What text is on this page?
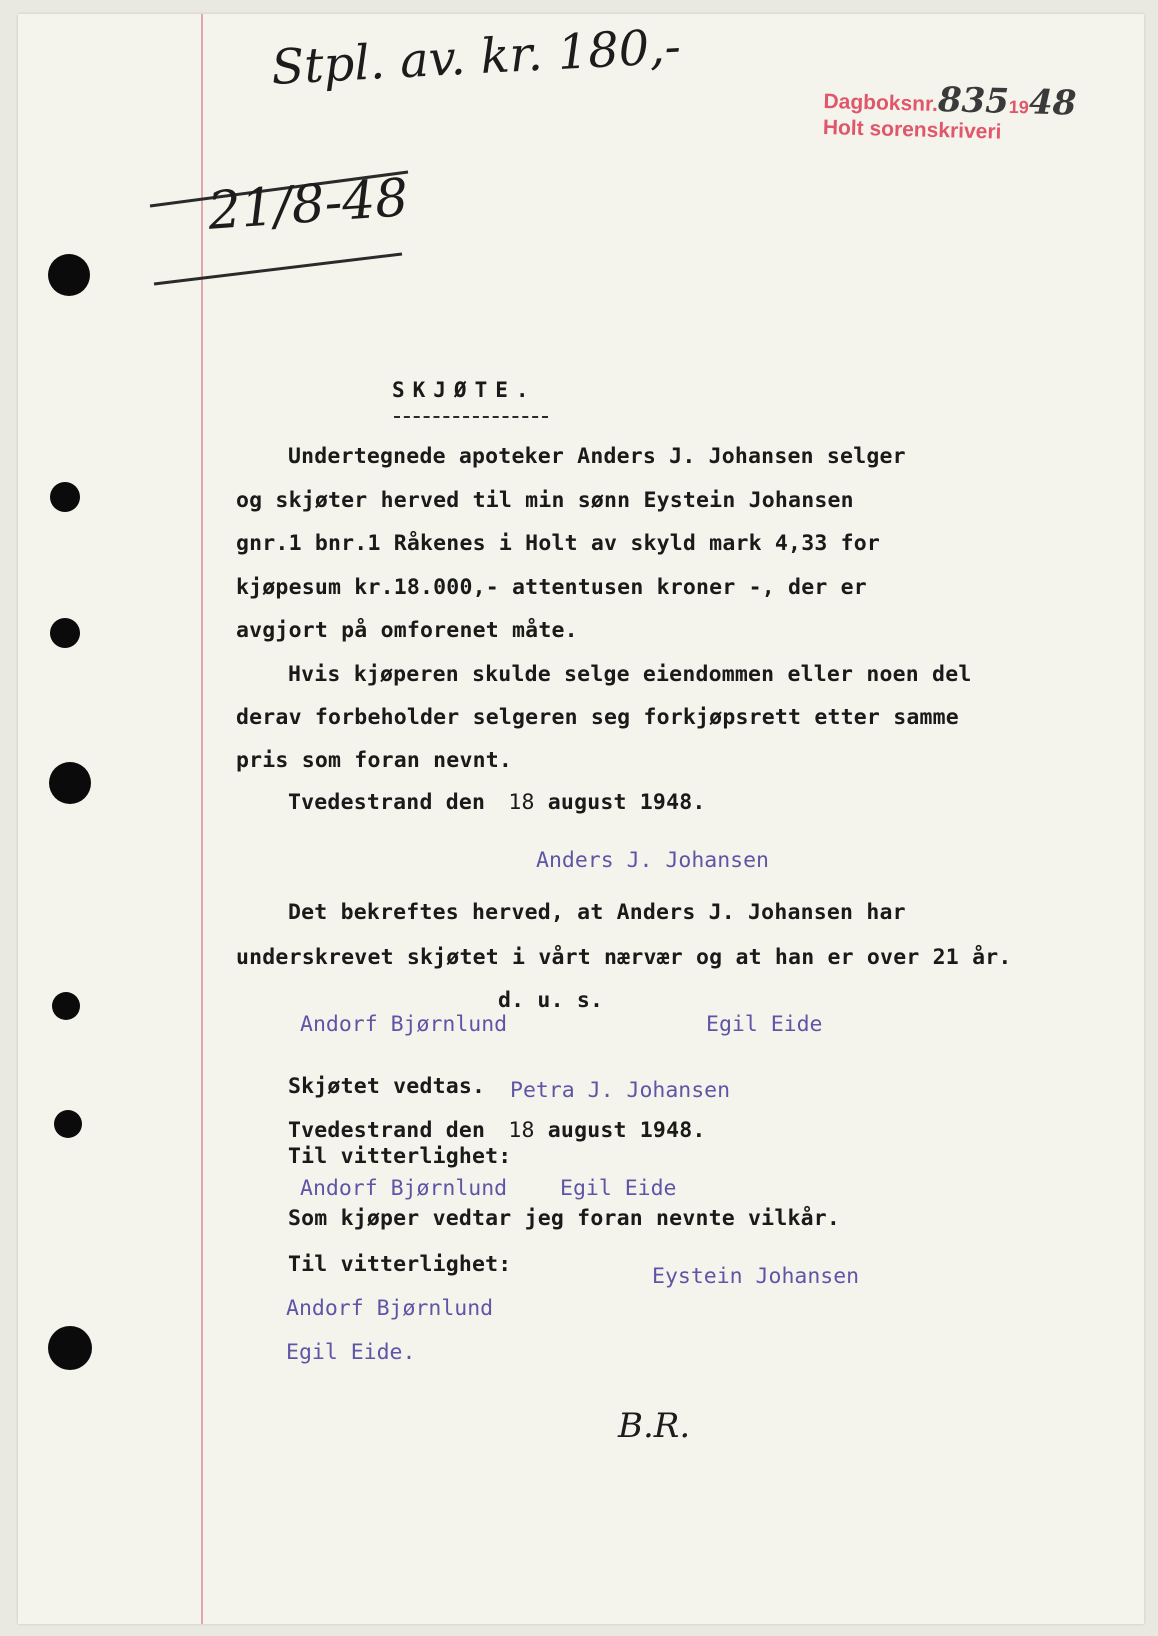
Stpl. av. kr. 180,-
Dagboksnr.8351948
Holt sorenskriveri
21/8-48
SKJØTE.
Undertegnede apoteker Anders J. Johansen selger
og skjøter herved til min sønn Eystein Johansen
gnr.1 bnr.1 Råkenes i Holt av skyld mark 4,33 for
kjøpesum kr.18.000,- attentusen kroner -, der er
avgjort på omforenet måte.
Hvis kjøperen skulde selge eiendommen eller noen del
derav forbeholder selgeren seg forkjøpsrett etter samme
pris som foran nevnt.
Tvedestrand den 18 august 1948.
Anders J. Johansen
Det bekreftes herved, at Anders J. Johansen har
underskrevet skjøtet i vårt nærvær og at han er over 21 år.
d. u. s.
Andorf Bjørnlund	Egil Eide
Skjøtet vedtas. Petra J. Johansen
Tvedestrand den 18 august 1948.
Til vitterlighet:
Andorf Bjørnlund Egil Eide
Som kjøper vedtar jeg foran nevnte vilkår.
Til vitterlighet:	Eystein Johansen
Andorf Bjørnlund
Egil Eide.
B.R.
